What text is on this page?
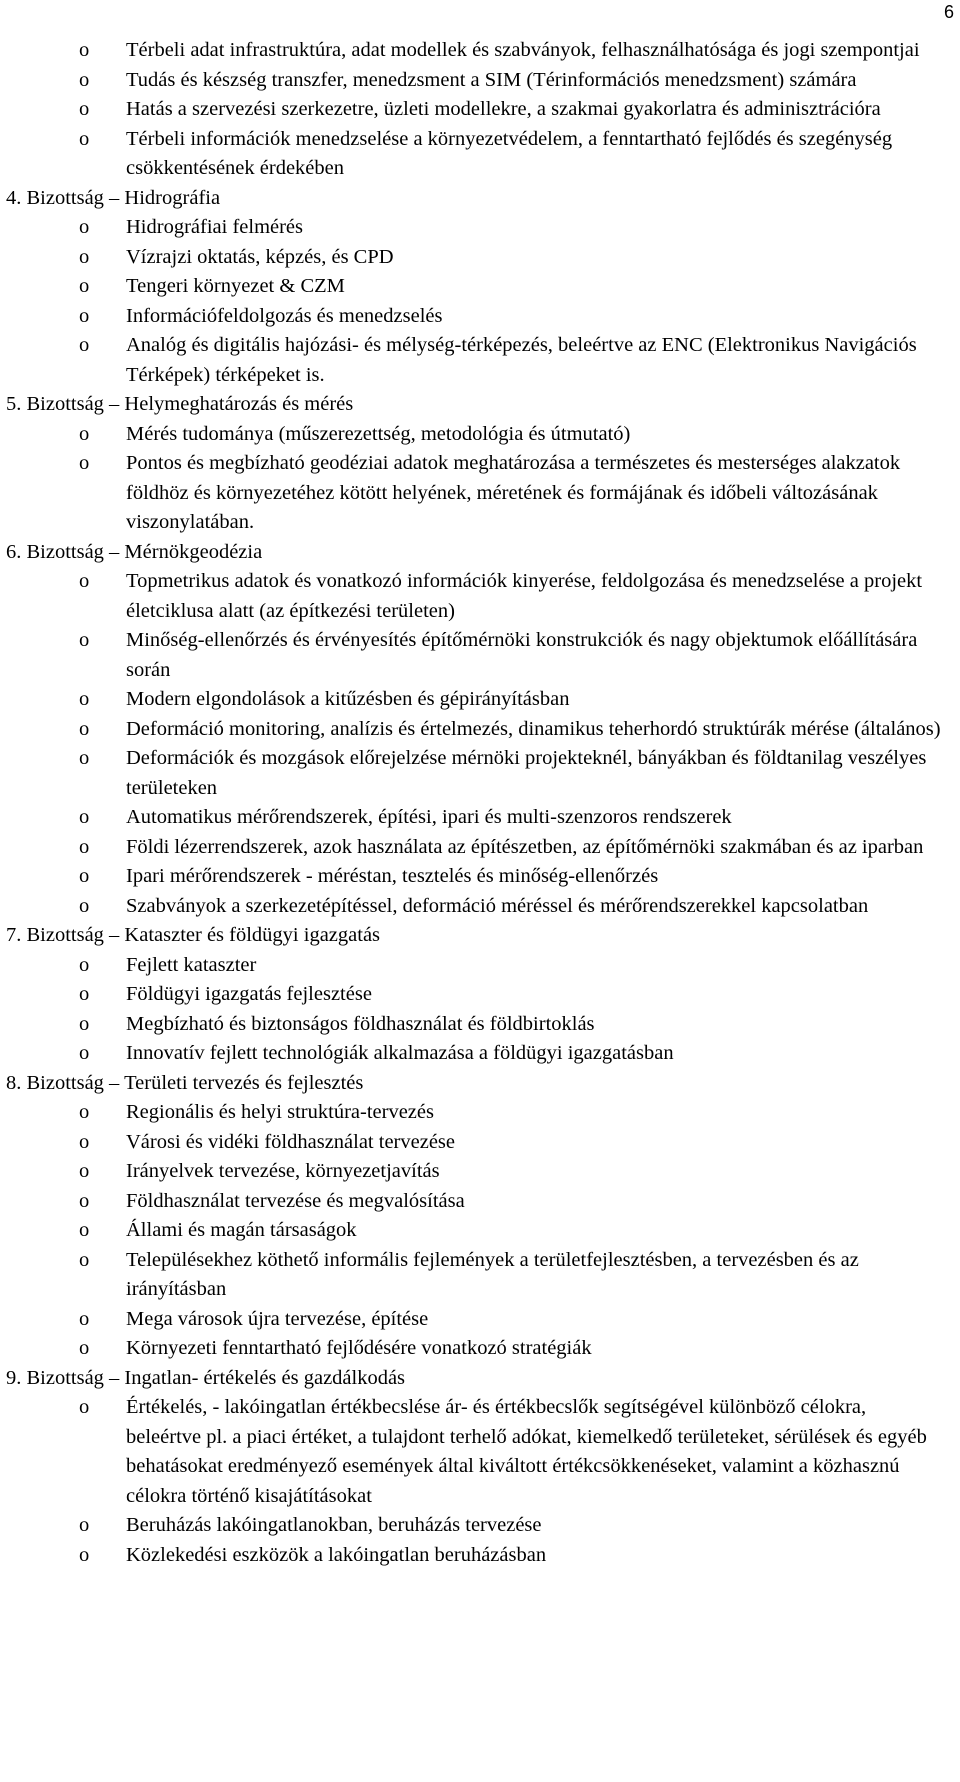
6
o Térbeli adat infrastruktúra, adat modellek és szabványok, felhasználhatósága és jogi szempontjai
o Tudás és készség transzfer, menedzsment a SIM (Térinformációs menedzsment) számára
o Hatás a szervezési szerkezetre, üzleti modellekre, a szakmai gyakorlatra és adminisztrációra
o Térbeli információk menedzselése a környezetvédelem, a fenntartható fejlődés és szegénység csökkentésének érdekében
4. Bizottság – Hidrográfia
o Hidrográfiai felmérés
o Vízrajzi oktatás, képzés, és CPD
o Tengeri környezet & CZM
o Információfeldolgozás és menedzselés
o Analóg és digitális hajózási- és mélység-térképezés, beleértve az ENC (Elektronikus Navigációs Térképek) térképeket is.
5. Bizottság – Helymeghatározás és mérés
o Mérés tudománya (műszerezettség, metodológia és útmutató)
o Pontos és megbízható geodéziai adatok meghatározása a természetes és mesterséges alakzatok földhöz és környezetéhez kötött helyének, méretének és formájának és időbeli változásának viszonylatában.
6. Bizottság – Mérnökgeodézia
o Topmetrikus adatok és vonatkozó információk kinyerése, feldolgozása és menedzselése a projekt életciklusa alatt (az építkezési területen)
o Minőség-ellenőrzés és érvényesítés építőmérnöki konstrukciók és nagy objektumok előállítására során
o Modern elgondolások a kitűzésben és gépirányításban
o Deformáció monitoring, analízis és értelmezés, dinamikus teherhordó struktúrák mérése (általános)
o Deformációk és mozgások előrejelzése mérnöki projekteknél, bányákban és földtanilag veszélyes területeken
o Automatikus mérőrendszerek, építési, ipari és multi-szenzoros rendszerek
o Földi lézerrendszerek, azok használata az építészetben, az építőmérnöki szakmában és az iparban
o Ipari mérőrendszerek - méréstan, tesztelés és minőség-ellenőrzés
o Szabványok a szerkezetépítéssel, deformáció méréssel és mérőrendszerekkel kapcsolatban
7. Bizottság – Kataszter és földügyi igazgatás
o Fejlett kataszter
o Földügyi igazgatás fejlesztése
o Megbízható és biztonságos földhasználat és földbirtoklás
o Innovatív fejlett technológiák alkalmazása a földügyi igazgatásban
8. Bizottság – Területi tervezés és fejlesztés
o Regionális és helyi struktúra-tervezés
o Városi és vidéki földhasználat tervezése
o Irányelvek tervezése, környezetjavítás
o Földhasználat tervezése és megvalósítása
o Állami és magán társaságok
o Településekhez köthető informális fejlemények a területfejlesztésben, a tervezésben és az irányításban
o Mega városok újra tervezése, építése
o Környezeti fenntartható fejlődésére vonatkozó stratégiák
9. Bizottság – Ingatlan- értékelés és gazdálkodás
o Értékelés, - lakóingatlan értékbecslése ár- és értékbecslők segítségével különböző célokra, beleértve pl. a piaci értéket, a tulajdont terhelő adókat, kiemelkedő területeket, sérülések és egyéb behatásokat eredményező események által kiváltott értékcsökkenéseket, valamint a közhasznú célokra történő kisajátításokat
o Beruházás lakóingatlanokban, beruházás tervezése
o Közlekedési eszközök a lakóingatlan beruházásban
